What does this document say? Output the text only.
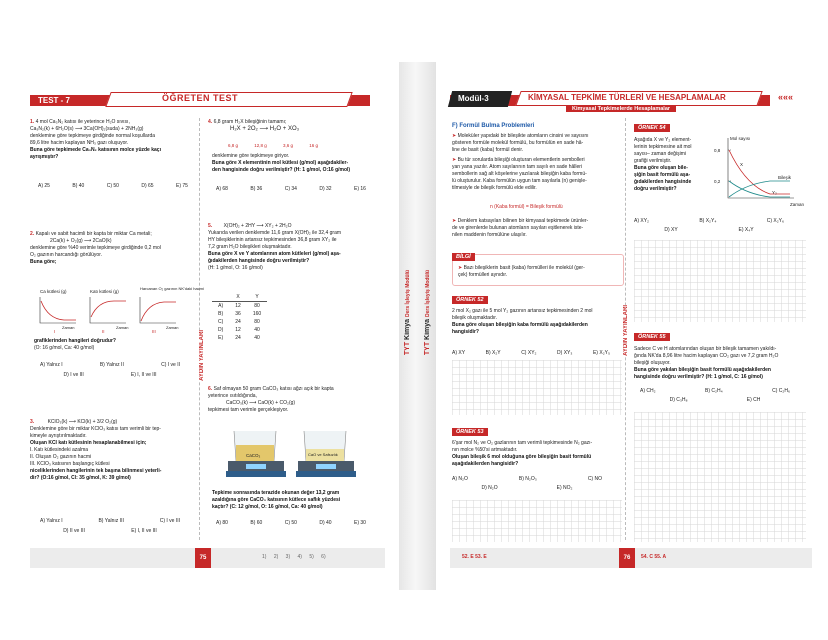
TEST - 7	ÖĞRETEN TEST	«««
AYDIN YAYINLARI
1. 4 mol Ca₃N₂ katısı ile yeterince H₂O sıvısı,
Ca₃N₂(k) + 6H₂O(s) ⟶ 3Ca(OH)₂(suda) + 2NH₃(g)
denklemine göre tepkimeye girdiğinde normal koşullarda
89,6 litre hacim kaplayan NH₃ gazı oluşuyor.
Buna göre tepkimede Ca₃N₂ katısının molce yüzde kaçı
ayrışmıştır?
A) 25	B) 40	C) 50	D) 65	E) 75
2. Kapalı ve sabit hacimli bir kapta bir miktar Ca metali;
2Ca(k) + O₂(g) ⟶ 2CaO(k)
denklemine göre %40 verimle tepkimeye girdiğinde 0,2 mol
O₂ gazının harcandığı görülüyor.
Buna göre;
Ca kütlesi (g)	Katı kütlesi (g)
Harcanan O₂ gazının NK'daki hacmi
Zaman	Zaman	Zaman
I	II	III
grafiklerinden hangileri doğrudur?
(O: 16 g/mol, Ca: 40 g/mol)
A) Yalnız I	B) Yalnız II	C) I ve II
D) I ve III	E) I, II ve III
3.	KClO₃(k) ⟶ KCl(k) + 3/2 O₂(g)
Denklemine göre bir miktar KClO₃ katısı tam verimli bir tep-
kimeyle ayrıştırılmaktadır.
Oluşan KCl katı kütlesinin hesaplanabilmesi için;
I. Katı kütlesindeki azalma
II. Oluşan O₂ gazının hacmi
III. KClO₃ katısının başlangıç kütlesi
niceliklerinden hangilerinin tek başına bilinmesi yeterli-
dir? (O:16 g/mol, Cl: 35 g/mol, K: 39 g/mol)
A) Yalnız I	B) Yalnız III	C) I ve III
D) II ve III	E) I, II ve III
4. 6,8 gram H₂X bileşiğinin tamamı;
H₂X + 2O₂ ⟶ H₂O + XO₃
6,8 g	12,8 g	3,6 g	16 g
denklemine göre tepkimeye giriyor.
Buna göre X elementinin mol kütlesi (g/mol) aşağıdakiler-
den hangisinde doğru verilmiştir? (H: 1 g/mol, O:16 g/mol)
A) 68	B) 36	C) 34	D) 32	E) 16
5. X(OH)₂ + 2HY ⟶ XY₂ + 2H₂O
Yukarıda verilen denklemde 11,6 gram X(OH)₂ ile 32,4 gram
HY bileşiklerinin artansız tepkimesinden 36,8 gram XY₂ ile
7,2 gram H₂O bileşikleri oluşmaktadır.
Buna göre X ve Y atomlarının atom kütleleri (g/mol) aşa-
ğıdakilerden hangisinde doğru verilmiştir?
(H: 1 g/mol, O: 16 g/mol)
	X	Y
A)	12	80
B)	36	160
C)	24	80
D)	12	40
E)	24	40
6. Saf olmayan 50 gram CaCO₃ katısı ağzı açık bir kapta
yeterince ısıtıldığında,
CaCO₃(k) ⟶ CaO(k) + CO₂(g)
tepkimesi tam verimle gerçekleşiyor.
CaCO₃	CaO ve Safsızlık
Tepkime sonrasında terazide okunan değer 13,2 gram
azaldığına göre CaCO₃ katısının kütlece saflık yüzdesi
kaçtır? (C: 12 g/mol, O: 16 g/mol, Ca: 40 g/mol)
A) 80	B) 60	C) 50	D) 40	E) 30
75	1) 2) 3) 4) 5) 6)
TYT Kimya Ders İşleyiş Modülü
TYT Kimya Ders İşleyiş Modülü
Modül-3	KİMYASAL TEPKİME TÜRLERİ VE HESAPLAMALAR	«««
Kimyasal Tepkimelerde Hesaplamalar
AYDIN YAYINLARI
F) Formül Bulma Problemleri
➤ Moleküler yapıdaki bir bileşikte atomların cinsini ve sayısını
gösteren formüle molekül formülü, bu formülün en sade hâ-
line de basit (kaba) formül denir.
➤ Bu tür sorularda bileşiği oluşturan elementlerin sembolleri
yan yana yazılır. Atom sayılarının tam sayılı en sade hâlleri
sembollerin sağ alt köşelerine yazılarak bileşiğin kaba formü-
lü oluşturulur. Kaba formülün uygun tam sayılarla (n) genişle-
tilmesiyle de bileşik formülü elde edilir.
n (Kaba formül) = Bileşik formülü
➤ Denklem katsayıları bilinen bir kimyasal tepkimede ürünler-
de ve girenlerde bulunan atomların sayıları eşitlenerek iste-
nilen maddenin formülüne ulaşılır.
BİLGİ
➤ Bazı bileşiklerin basit (kaba) formülleri ile molekül (ger-
çek) formülleri aynıdır.
ÖRNEK 52
2 mol X₂ gazı ile 5 mol Y₂ gazının artansız tepkimesinden 2 mol
bileşik oluşmaktadır.
Buna göre oluşan bileşiğin kaba formülü aşağıdakilerden
hangisidir?
A) XY	B) X₂Y	C) XY₂	D) XY₃	E) X₂Y₅
ÖRNEK 53
6'şar mol N₂ ve O₂ gazlarının tam verimli tepkimesinde N₂ gazı-
nın molce %50'si artmaktadır.
Oluşan bileşik 6 mol olduğuna göre bileşiğin basit formülü
aşağıdakilerden hangisidir?
A) N₂O	B) N₂O₃	C) NO
D) N₂O	E) NO₂
ÖRNEK 54
Aşağıda X ve Y₂ element-
lerinin tepkimesine ait mol
sayısı– zaman değişimi
grafiği verilmiştir.
Buna göre oluşan bile-
şiğin basit formülü aşa-
ğıdakilerden hangisinde
doğru verilmiştir?
Mol sayısı
0,8
0,2
X
Y₂
Bileşik
Zaman
A) XY₂	B) X₂Y₄	C) X₂Y₆
D) XY	E) X₄Y
ÖRNEK 55
Sadece C ve H atomlarından oluşan bir bileşik tamamen yakıldı-
ğında NK'da 8,96 litre hacim kaplayan CO₂ gazı ve 7,2 gram H₂O
bileşiği oluşuyor.
Buna göre yakılan bileşiğin basit formülü aşağıdakilerden
hangisinde doğru verilmiştir? (H: 1 g/mol, C: 16 g/mol)
A) CH₂	B) C₂H₄	C) C₂H₆
D) C₃H₈	E) CH
52. E 53. E	76	54. C 55. A
